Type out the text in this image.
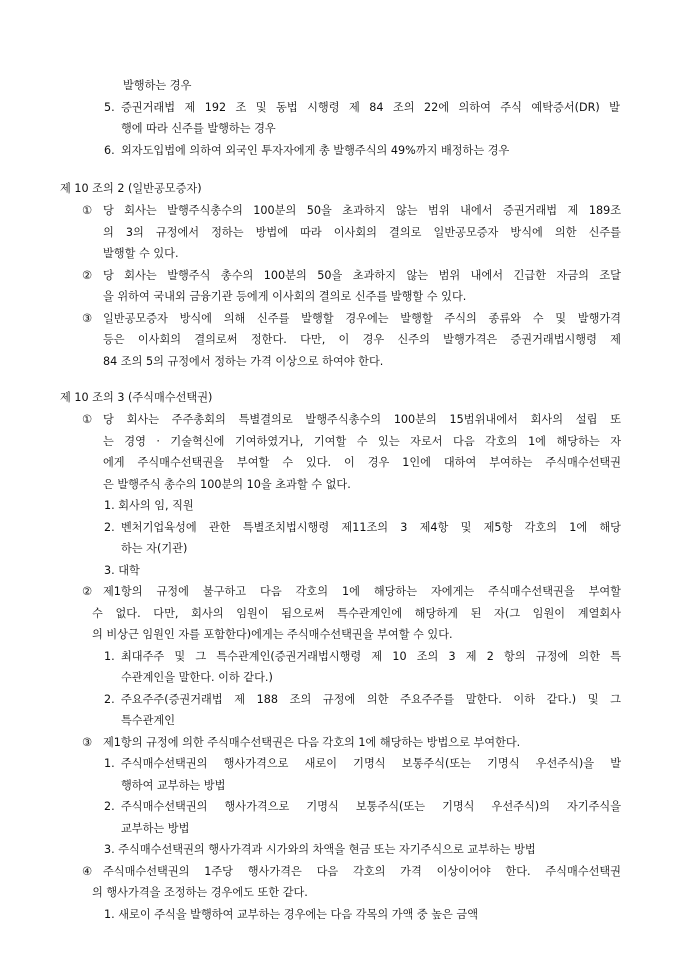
발행하는 경우
5. 증권거래법 제 192 조 및 동법 시행령 제 84 조의 22에 의하여 주식 예탁증서(DR) 발
행에 따라 신주를 발행하는 경우
6. 외자도입법에 의하여 외국인 투자자에게 총 발행주식의 49%까지 배정하는 경우
제 10 조의 2 (일반공모증자)
① 당 회사는 발행주식총수의 100분의 50을 초과하지 않는 범위 내에서 증권거래법 제 189조
의 3의 규정에서 정하는 방법에 따라 이사회의 결의로 일반공모증자 방식에 의한 신주를
발행할 수 있다.
② 당 회사는 발행주식 총수의 100분의 50을 초과하지 않는 범위 내에서 긴급한 자금의 조달
을 위하여 국내외 금융기관 등에게 이사회의 결의로 신주를 발행할 수 있다.
③ 일반공모증자 방식에 의해 신주를 발행할 경우에는 발행할 주식의 종류와 수 및 발행가격
등은 이사회의 결의로써 정한다. 다만, 이 경우 신주의 발행가격은 증권거래법시행령 제
84 조의 5의 규정에서 정하는 가격 이상으로 하여야 한다.
제 10 조의 3 (주식매수선택권)
① 당 회사는 주주총회의 특별결의로 발행주식총수의 100분의 15범위내에서 회사의 설립 또
는 경영 · 기술혁신에 기여하였거나, 기여할 수 있는 자로서 다음 각호의 1에 해당하는 자
에게 주식매수선택권을 부여할 수 있다. 이 경우 1인에 대하여 부여하는 주식매수선택권
은 발행주식 총수의 100분의 10을 초과할 수 없다.
1. 회사의 임, 직원
2. 벤처기업육성에 관한 특별조치법시행령 제11조의 3 제4항 및 제5항 각호의 1에 해당
하는 자(기관)
3. 대학
② 제1항의 규정에 불구하고 다음 각호의 1에 해당하는 자에게는 주식매수선택권을 부여할
수 없다. 다만, 회사의 임원이 됨으로써 특수관계인에 해당하게 된 자(그 임원이 계열회사
의 비상근 임원인 자를 포함한다)에게는 주식매수선택권을 부여할 수 있다.
1. 최대주주 및 그 특수관계인(증권거래법시행령 제 10 조의 3 제 2 항의 규정에 의한 특
수관계인을 말한다. 이하 같다.)
2. 주요주주(증권거래법 제 188 조의 규정에 의한 주요주주를 말한다. 이하 같다.) 및 그
특수관계인
③ 제1항의 규정에 의한 주식매수선택권은 다음 각호의 1에 해당하는 방법으로 부여한다.
1. 주식매수선택권의 행사가격으로 새로이 기명식 보통주식(또는 기명식 우선주식)을 발
행하여 교부하는 방법
2. 주식매수선택권의 행사가격으로 기명식 보통주식(또는 기명식 우선주식)의 자기주식을
교부하는 방법
3. 주식매수선택권의 행사가격과 시가와의 차액을 현금 또는 자기주식으로 교부하는 방법
④ 주식매수선택권의 1주당 행사가격은 다음 각호의 가격 이상이어야 한다. 주식매수선택권
의 행사가격을 조정하는 경우에도 또한 같다.
1. 새로이 주식을 발행하여 교부하는 경우에는 다음 각목의 가액 중 높은 금액
